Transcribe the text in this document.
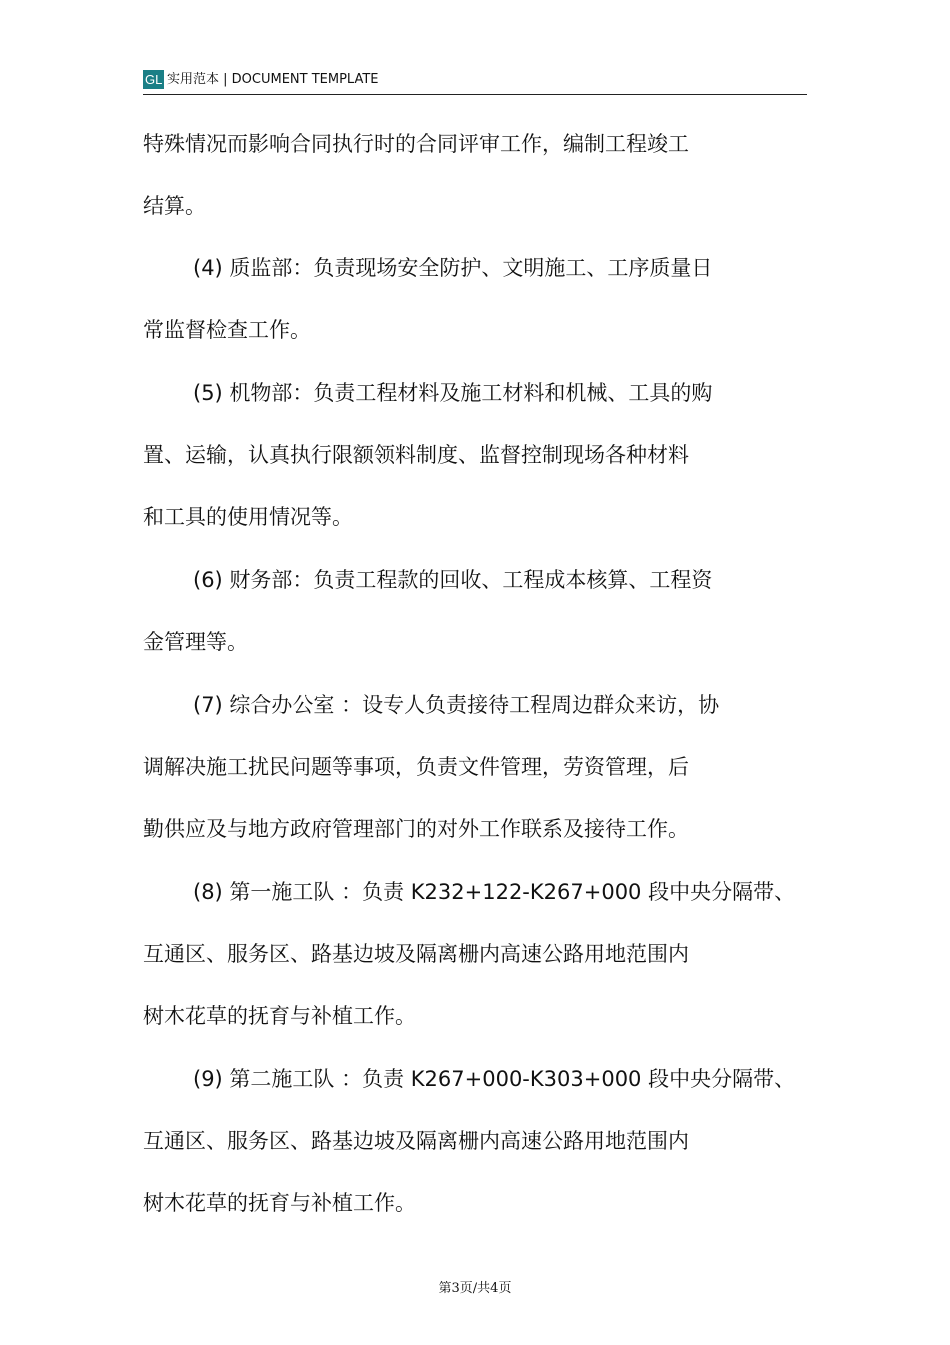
GL 实用范本 | DOCUMENT TEMPLATE
特殊情况而影响合同执行时的合同评审工作，编制工程竣工
结算。
(4) 质监部：负责现场安全防护、文明施工、工序质量日
常监督检查工作。
(5) 机物部：负责工程材料及施工材料和机械、工具的购
置、运输，认真执行限额领料制度、监督控制现场各种材料
和工具的使用情况等。
(6) 财务部：负责工程款的回收、工程成本核算、工程资
金管理等。
(7) 综合办公室 ：设专人负责接待工程周边群众来访，协
调解决施工扰民问题等事项，负责文件管理，劳资管理，后
勤供应及与地方政府管理部门的对外工作联系及接待工作。
(8) 第一施工队 ：负责 K232+122-K267+000 段中央分隔带、
互通区、服务区、路基边坡及隔离栅内高速公路用地范围内
树木花草的抚育与补植工作。
(9) 第二施工队 ：负责 K267+000-K303+000 段中央分隔带、
互通区、服务区、路基边坡及隔离栅内高速公路用地范围内
树木花草的抚育与补植工作。
第3页/共4页
